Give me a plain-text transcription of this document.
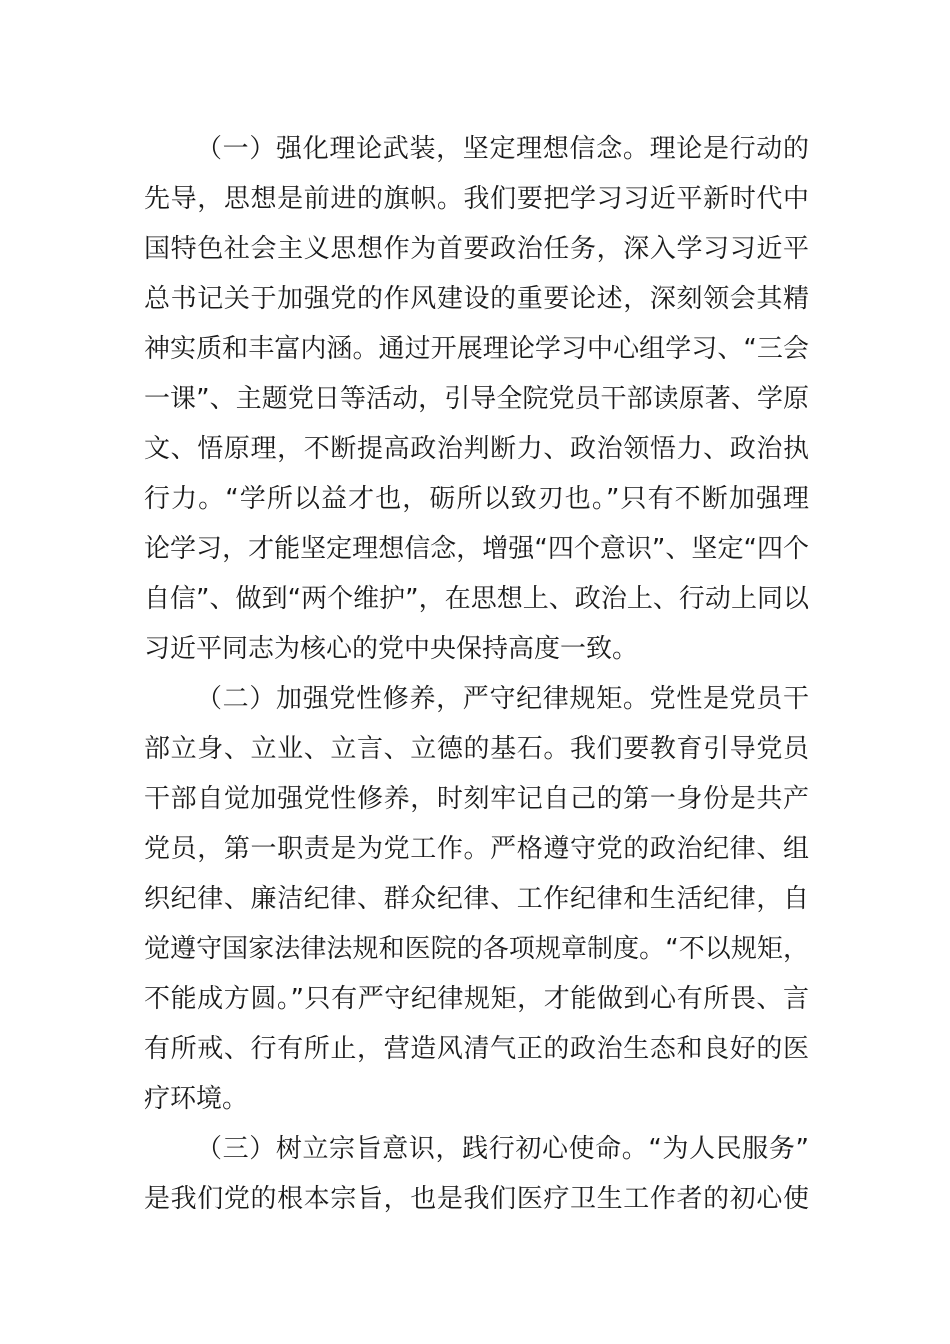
（一）强化理论武装，坚定理想信念。理论是行动的
先导，思想是前进的旗帜。我们要把学习习近平新时代中
国特色社会主义思想作为首要政治任务，深入学习习近平
总书记关于加强党的作风建设的重要论述，深刻领会其精
神实质和丰富内涵。通过开展理论学习中心组学习、“三会
一课”、主题党日等活动，引导全院党员干部读原著、学原
文、悟原理，不断提高政治判断力、政治领悟力、政治执
行力。“学所以益才也，砺所以致刃也。”只有不断加强理
论学习，才能坚定理想信念，增强“四个意识”、坚定“四个
自信”、做到“两个维护”，在思想上、政治上、行动上同以
习近平同志为核心的党中央保持高度一致。
（二）加强党性修养，严守纪律规矩。党性是党员干
部立身、立业、立言、立德的基石。我们要教育引导党员
干部自觉加强党性修养，时刻牢记自己的第一身份是共产
党员，第一职责是为党工作。严格遵守党的政治纪律、组
织纪律、廉洁纪律、群众纪律、工作纪律和生活纪律，自
觉遵守国家法律法规和医院的各项规章制度。“不以规矩，
不能成方圆。”只有严守纪律规矩，才能做到心有所畏、言
有所戒、行有所止，营造风清气正的政治生态和良好的医
疗环境。
（三）树立宗旨意识，践行初心使命。“为人民服务”
是我们党的根本宗旨，也是我们医疗卫生工作者的初心使
